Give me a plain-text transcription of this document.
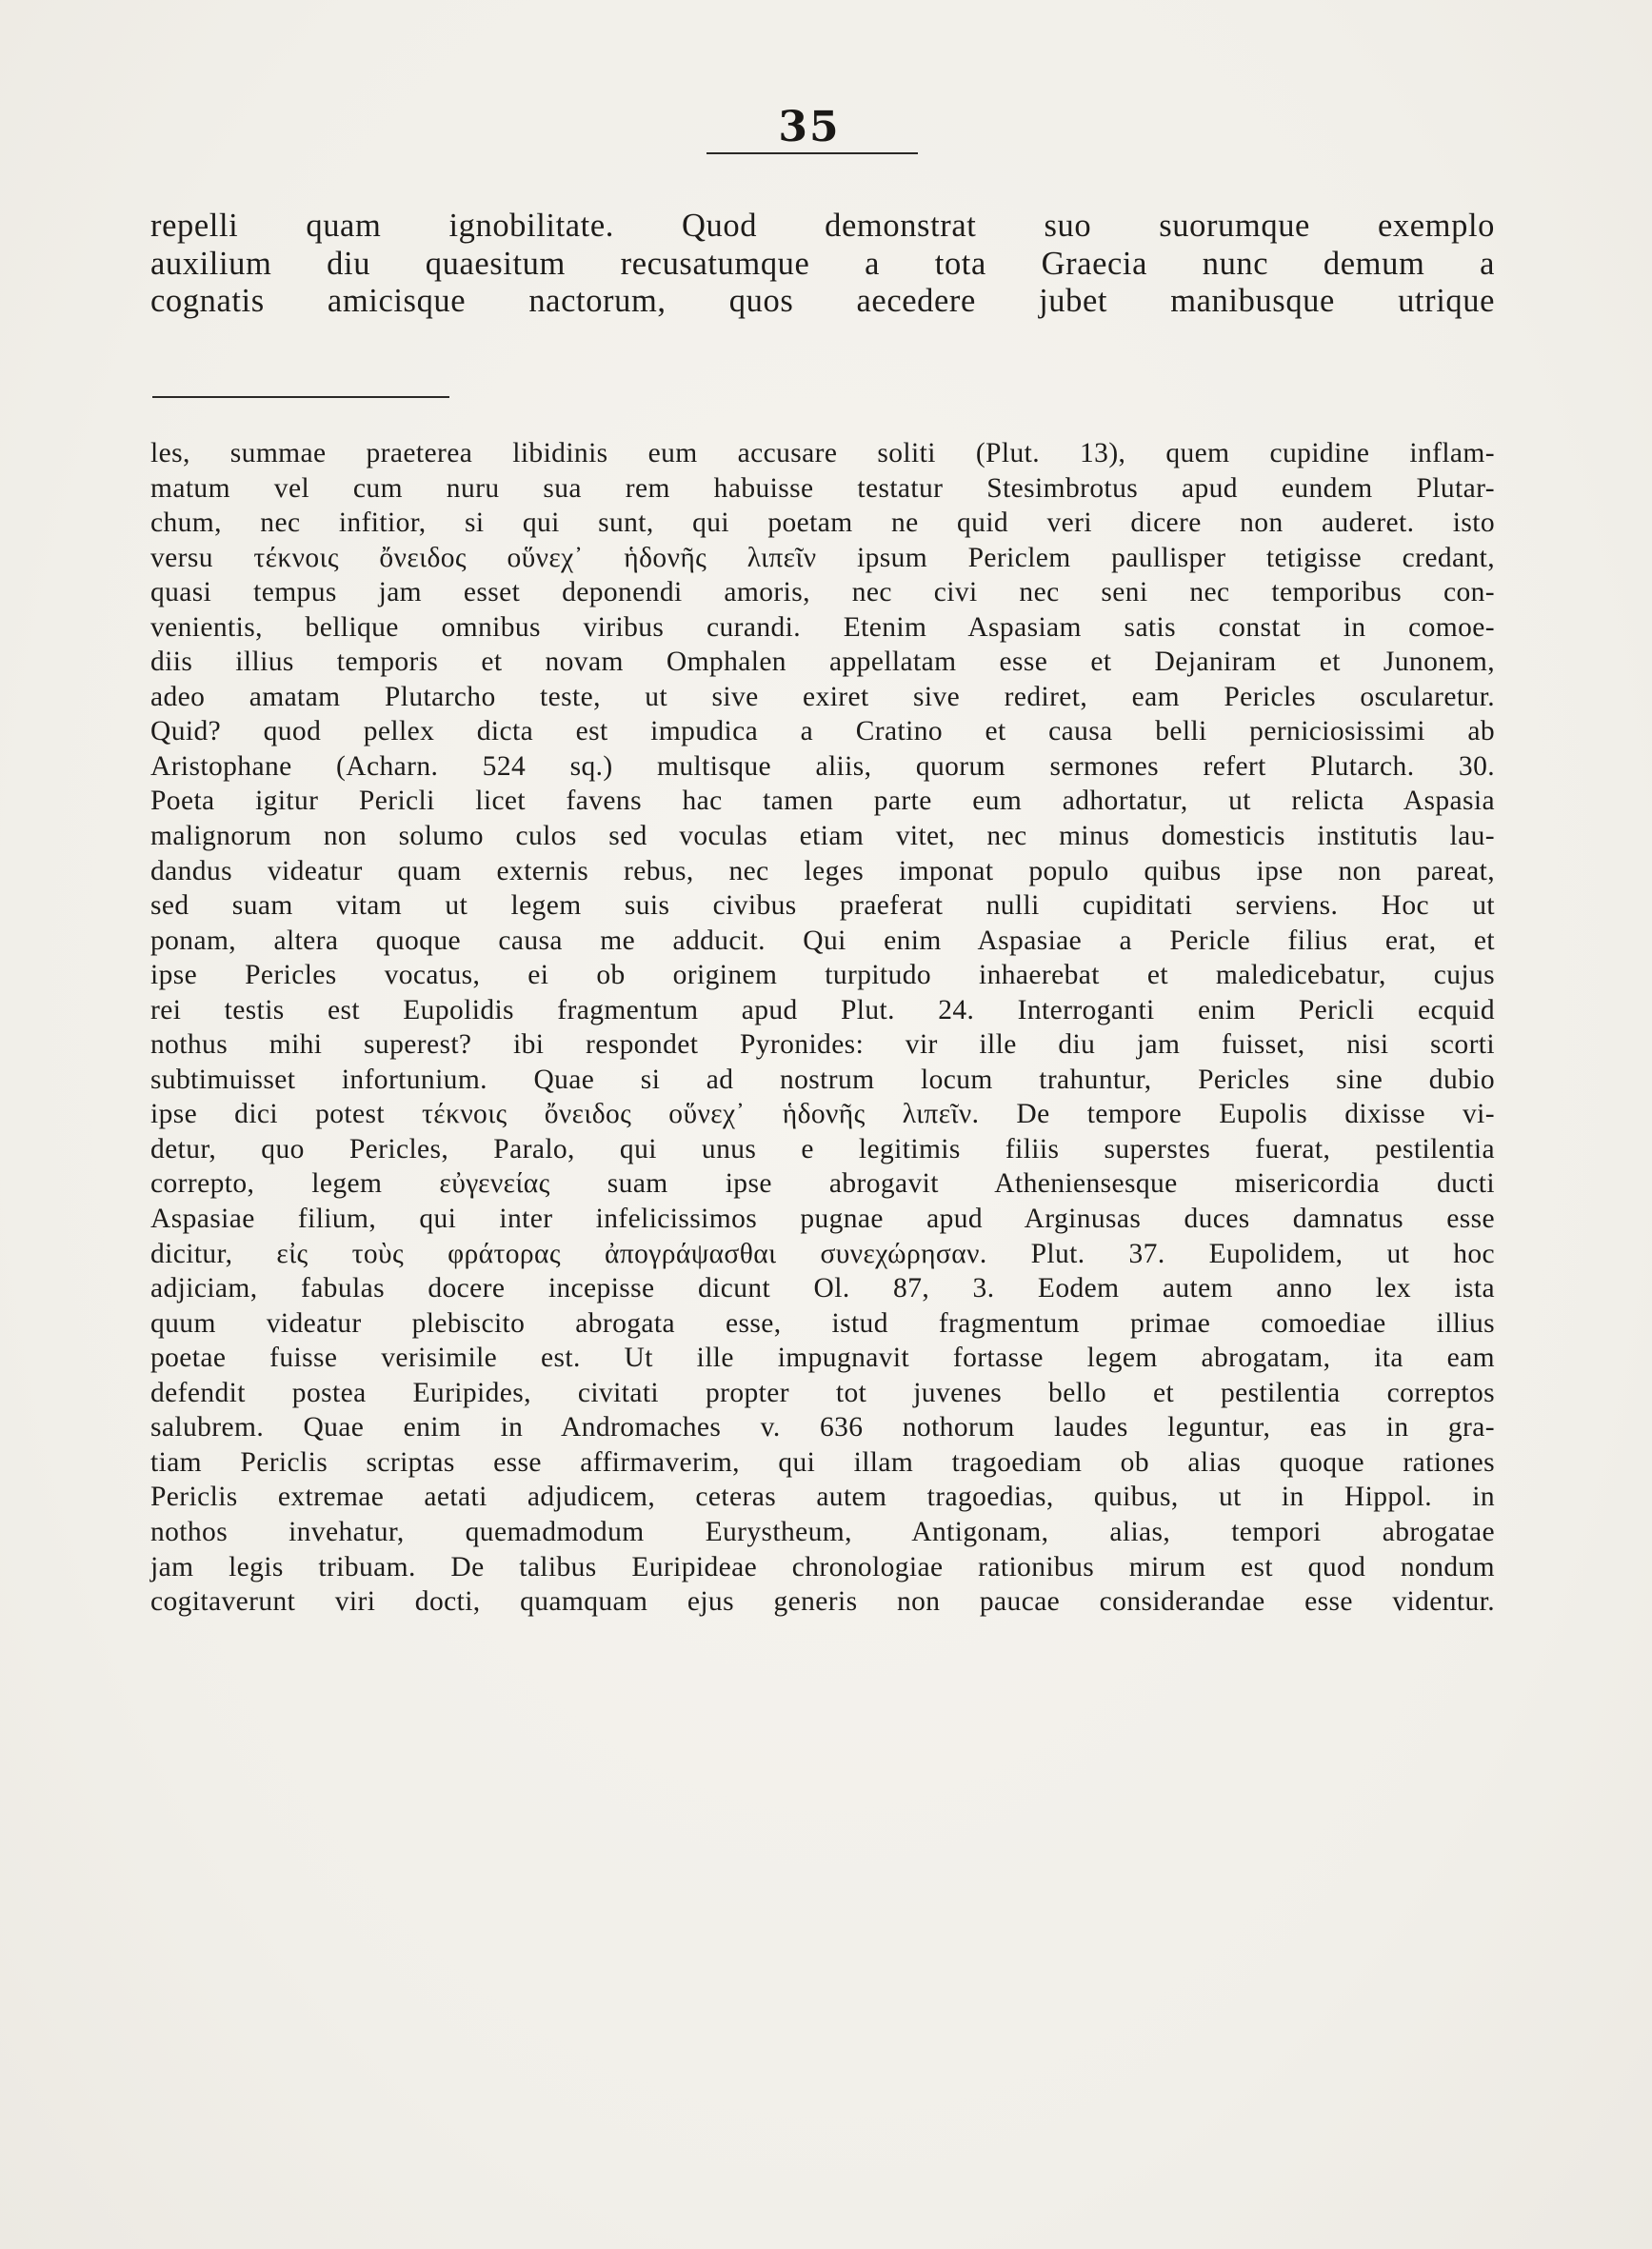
35
repelli quam ignobilitate. Quod demonstrat suo suorumque exemplo
auxilium diu quaesitum recusatumque a tota Graecia nunc demum a
cognatis amicisque nactorum, quos aecedere jubet manibusque utrique
les, summae praeterea libidinis eum accusare soliti (Plut. 13), quem cupidine inflam-
matum vel cum nuru sua rem habuisse testatur Stesimbrotus apud eundem Plutar-
chum, nec infitior, si qui sunt, qui poetam ne quid veri dicere non auderet. isto
versu τέκνοις ὄνειδος οὕνεχ᾽ ἡδονῆς λιπεῖν ipsum Periclem paullisper tetigisse credant,
quasi tempus jam esset deponendi amoris, nec civi nec seni nec temporibus con-
venientis, bellique omnibus viribus curandi. Etenim Aspasiam satis constat in comoe-
diis illius temporis et novam Omphalen appellatam esse et Dejaniram et Junonem,
adeo amatam Plutarcho teste, ut sive exiret sive rediret, eam Pericles oscularetur.
Quid? quod pellex dicta est impudica a Cratino et causa belli perniciosissimi ab
Aristophane (Acharn. 524 sq.) multisque aliis, quorum sermones refert Plutarch. 30.
Poeta igitur Pericli licet favens hac tamen parte eum adhortatur, ut relicta Aspasia
malignorum non solumo culos sed voculas etiam vitet, nec minus domesticis institutis lau-
dandus videatur quam externis rebus, nec leges imponat populo quibus ipse non pareat,
sed suam vitam ut legem suis civibus praeferat nulli cupiditati serviens. Hoc ut
ponam, altera quoque causa me adducit. Qui enim Aspasiae a Pericle filius erat, et
ipse Pericles vocatus, ei ob originem turpitudo inhaerebat et maledicebatur, cujus
rei testis est Eupolidis fragmentum apud Plut. 24. Interroganti enim Pericli ecquid
nothus mihi superest? ibi respondet Pyronides: vir ille diu jam fuisset, nisi scorti
subtimuisset infortunium. Quae si ad nostrum locum trahuntur, Pericles sine dubio
ipse dici potest τέκνοις ὄνειδος οὕνεχ᾽ ἡδονῆς λιπεῖν. De tempore Eupolis dixisse vi-
detur, quo Pericles, Paralo, qui unus e legitimis filiis superstes fuerat, pestilentia
correpto, legem εὐγενείας suam ipse abrogavit Atheniensesque misericordia ducti
Aspasiae filium, qui inter infelicissimos pugnae apud Arginusas duces damnatus esse
dicitur, εἰς τοὺς φράτορας ἀπογράψασθαι συνεχώρησαν. Plut. 37. Eupolidem, ut hoc
adjiciam, fabulas docere incepisse dicunt Ol. 87, 3. Eodem autem anno lex ista
quum videatur plebiscito abrogata esse, istud fragmentum primae comoediae illius
poetae fuisse verisimile est. Ut ille impugnavit fortasse legem abrogatam, ita eam
defendit postea Euripides, civitati propter tot juvenes bello et pestilentia correptos
salubrem. Quae enim in Andromaches v. 636 nothorum laudes leguntur, eas in gra-
tiam Periclis scriptas esse affirmaverim, qui illam tragoediam ob alias quoque rationes
Periclis extremae aetati adjudicem, ceteras autem tragoedias, quibus, ut in Hippol. in
nothos invehatur, quemadmodum Eurystheum, Antigonam, alias, tempori abrogatae
jam legis tribuam. De talibus Euripideae chronologiae rationibus mirum est quod nondum
cogitaverunt viri docti, quamquam ejus generis non paucae considerandae esse videntur.
